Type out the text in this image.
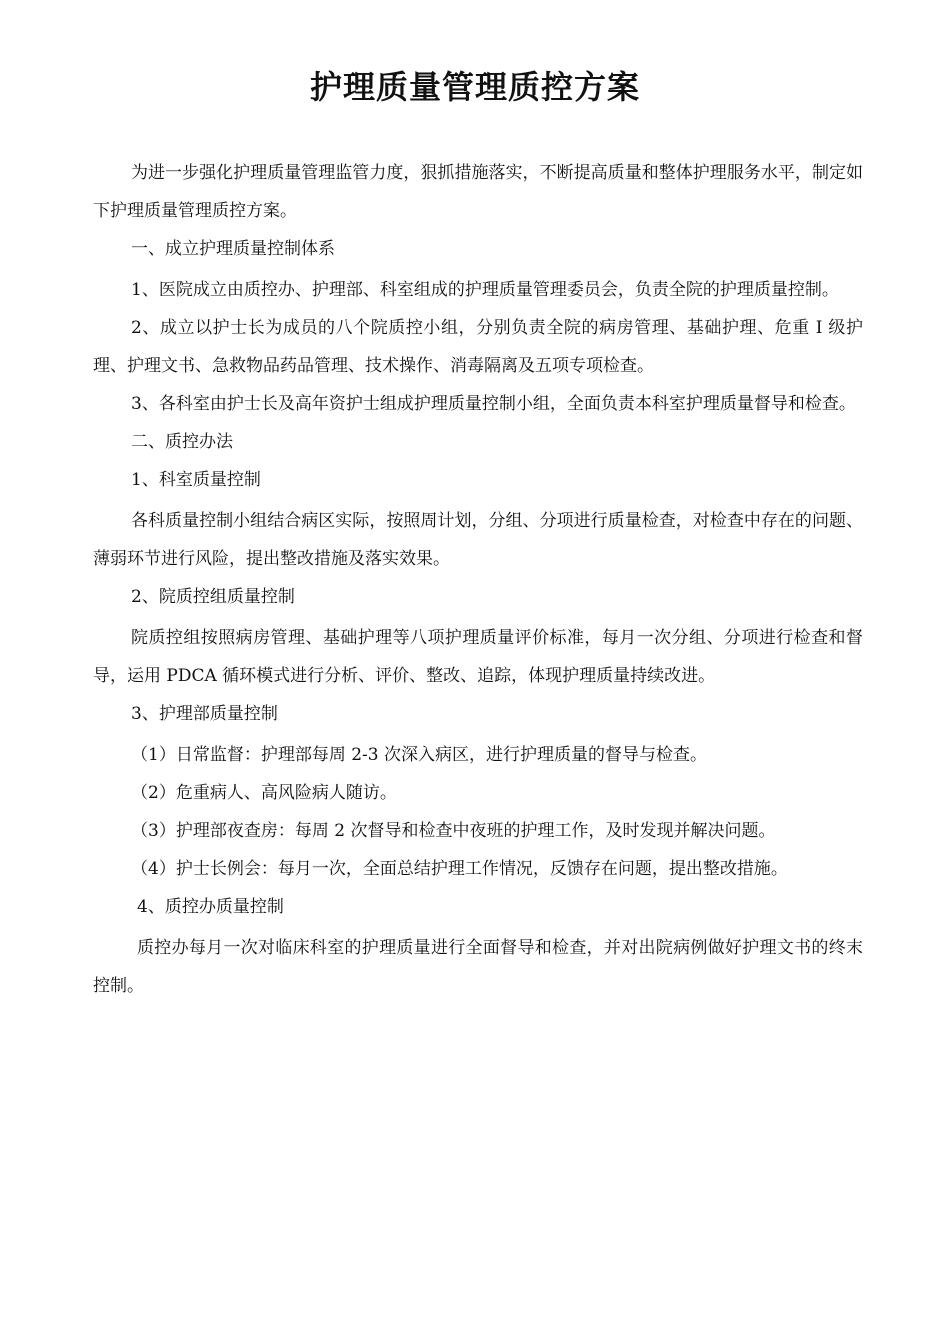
护理质量管理质控方案

为进一步强化护理质量管理监管力度，狠抓措施落实，不断提高质量和整体护理服务水平，制定如下护理质量管理质控方案。

一、成立护理质量控制体系

1、医院成立由质控办、护理部、科室组成的护理质量管理委员会，负责全院的护理质量控制。

2、成立以护士长为成员的八个院质控小组，分别负责全院的病房管理、基础护理、危重 I 级护理、护理文书、急救物品药品管理、技术操作、消毒隔离及五项专项检查。

3、各科室由护士长及高年资护士组成护理质量控制小组，全面负责本科室护理质量督导和检查。

二、质控办法

1、科室质量控制

各科质量控制小组结合病区实际，按照周计划，分组、分项进行质量检查，对检查中存在的问题、薄弱环节进行风险，提出整改措施及落实效果。

2、院质控组质量控制

院质控组按照病房管理、基础护理等八项护理质量评价标准，每月一次分组、分项进行检查和督导，运用 PDCA 循环模式进行分析、评价、整改、追踪，体现护理质量持续改进。

3、护理部质量控制

（1）日常监督：护理部每周 2-3 次深入病区，进行护理质量的督导与检查。

（2）危重病人、高风险病人随访。

（3）护理部夜查房：每周 2 次督导和检查中夜班的护理工作，及时发现并解决问题。

（4）护士长例会：每月一次，全面总结护理工作情况，反馈存在问题，提出整改措施。

4、质控办质量控制

质控办每月一次对临床科室的护理质量进行全面督导和检查，并对出院病例做好护理文书的终末控制。
